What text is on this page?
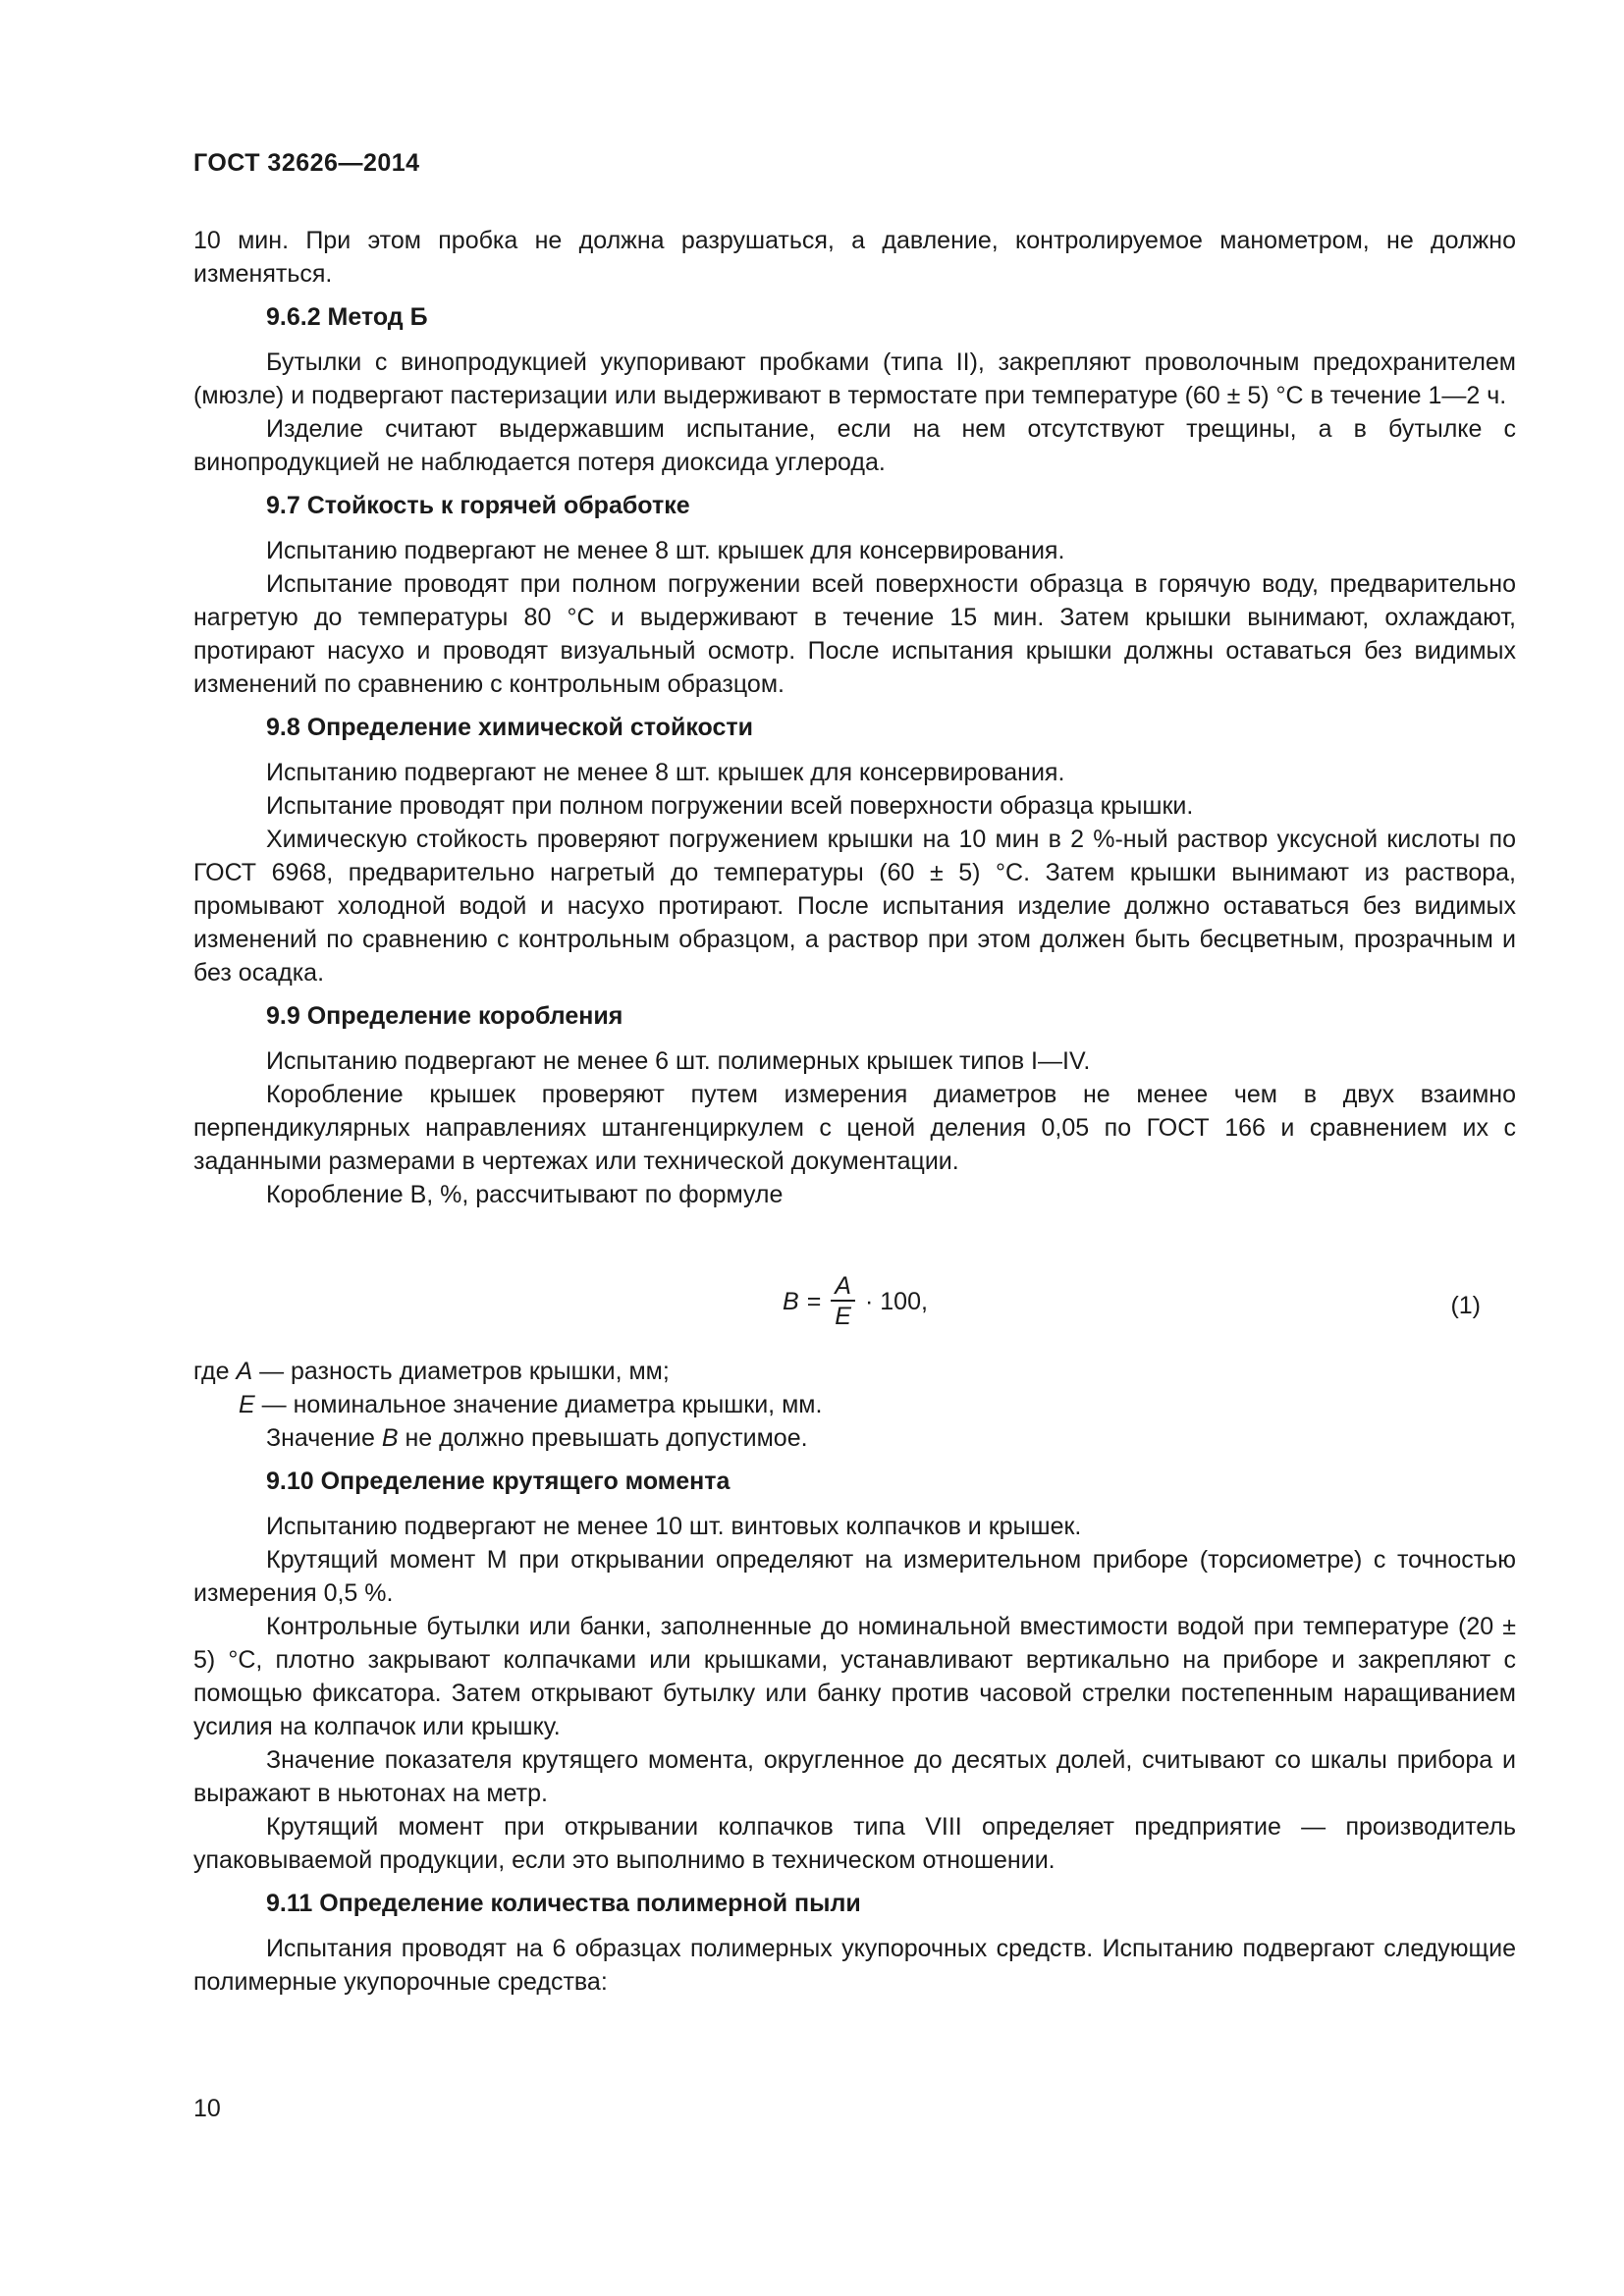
ГОСТ 32626—2014

10 мин. При этом пробка не должна разрушаться, а давление, контролируемое манометром, не должно изменяться.

9.6.2 Метод Б

Бутылки с винопродукцией укупоривают пробками (типа II), закрепляют проволочным предохранителем (мюзле) и подвергают пастеризации или выдерживают в термостате при температуре (60 ± 5) °С в течение 1—2 ч.

Изделие считают выдержавшим испытание, если на нем отсутствуют трещины, а в бутылке с винопродукцией не наблюдается потеря диоксида углерода.

9.7 Стойкость к горячей обработке

Испытанию подвергают не менее 8 шт. крышек для консервирования.

Испытание проводят при полном погружении всей поверхности образца в горячую воду, предварительно нагретую до температуры 80 °С и выдерживают в течение 15 мин. Затем крышки вынимают, охлаждают, протирают насухо и проводят визуальный осмотр. После испытания крышки должны оставаться без видимых изменений по сравнению с контрольным образцом.

9.8 Определение химической стойкости

Испытанию подвергают не менее 8 шт. крышек для консервирования.

Испытание проводят при полном погружении всей поверхности образца крышки.

Химическую стойкость проверяют погружением крышки на 10 мин в 2 %-ный раствор уксусной кислоты по ГОСТ 6968, предварительно нагретый до температуры (60 ± 5) °С. Затем крышки вынимают из раствора, промывают холодной водой и насухо протирают. После испытания изделие должно оставаться без видимых изменений по сравнению с контрольным образцом, а раствор при этом должен быть бесцветным, прозрачным и без осадка.

9.9 Определение коробления

Испытанию подвергают не менее 6 шт. полимерных крышек типов I—IV.

Коробление крышек проверяют путем измерения диаметров не менее чем в двух взаимно перпендикулярных направлениях штангенциркулем с ценой деления 0,05 по ГОСТ 166 и сравнением их с заданными размерами в чертежах или технической документации.

Коробление В, %, рассчитывают по формуле

$B = \frac{A}{E} \cdot 100$,	(1)

где A — разность диаметров крышки, мм;

E — номинальное значение диаметра крышки, мм.

Значение B не должно превышать допустимое.

9.10 Определение крутящего момента

Испытанию подвергают не менее 10 шт. винтовых колпачков и крышек.

Крутящий момент М при открывании определяют на измерительном приборе (торсиометре) с точностью измерения 0,5 %.

Контрольные бутылки или банки, заполненные до номинальной вместимости водой при температуре (20 ± 5) °С, плотно закрывают колпачками или крышками, устанавливают вертикально на приборе и закрепляют с помощью фиксатора. Затем открывают бутылку или банку против часовой стрелки постепенным наращиванием усилия на колпачок или крышку.

Значение показателя крутящего момента, округленное до десятых долей, считывают со шкалы прибора и выражают в ньютонах на метр.

Крутящий момент при открывании колпачков типа VIII определяет предприятие — производитель упаковываемой продукции, если это выполнимо в техническом отношении.

9.11 Определение количества полимерной пыли

Испытания проводят на 6 образцах полимерных укупорочных средств. Испытанию подвергают следующие полимерные укупорочные средства:

10
